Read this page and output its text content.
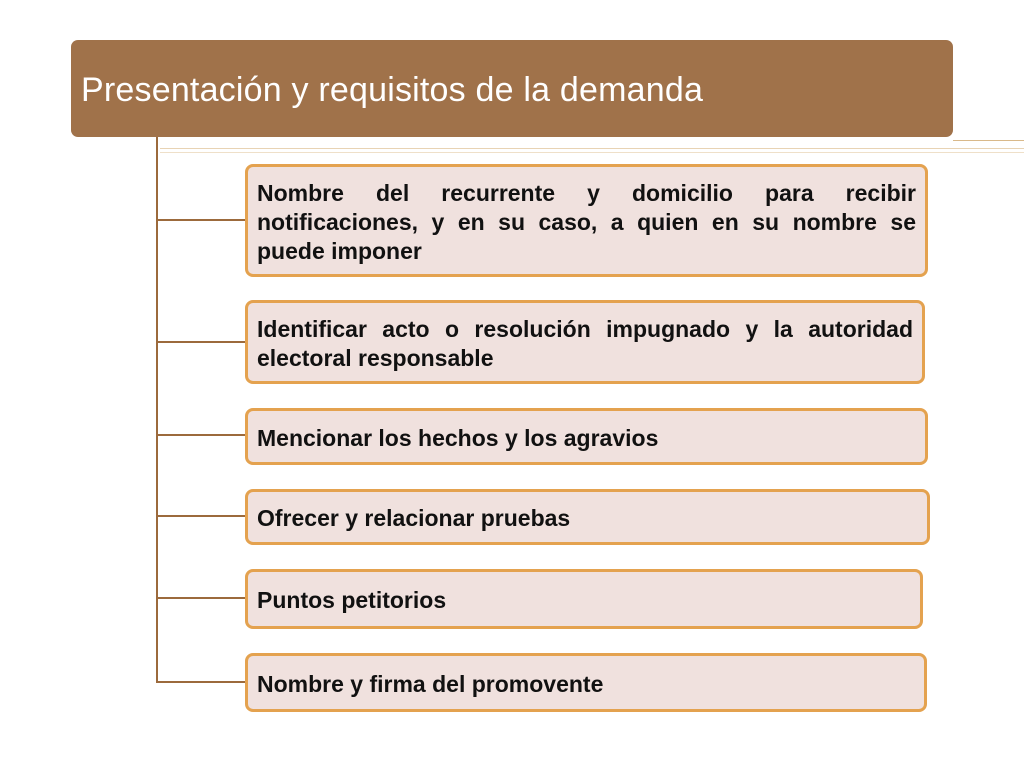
Presentación y requisitos de la demanda
Nombre del recurrente y domicilio para recibir notificaciones, y en su caso, a quien en su nombre se puede imponer
Identificar acto o resolución impugnado y la autoridad electoral responsable
Mencionar los hechos y los agravios
Ofrecer y relacionar pruebas
Puntos petitorios
Nombre y firma del promovente
